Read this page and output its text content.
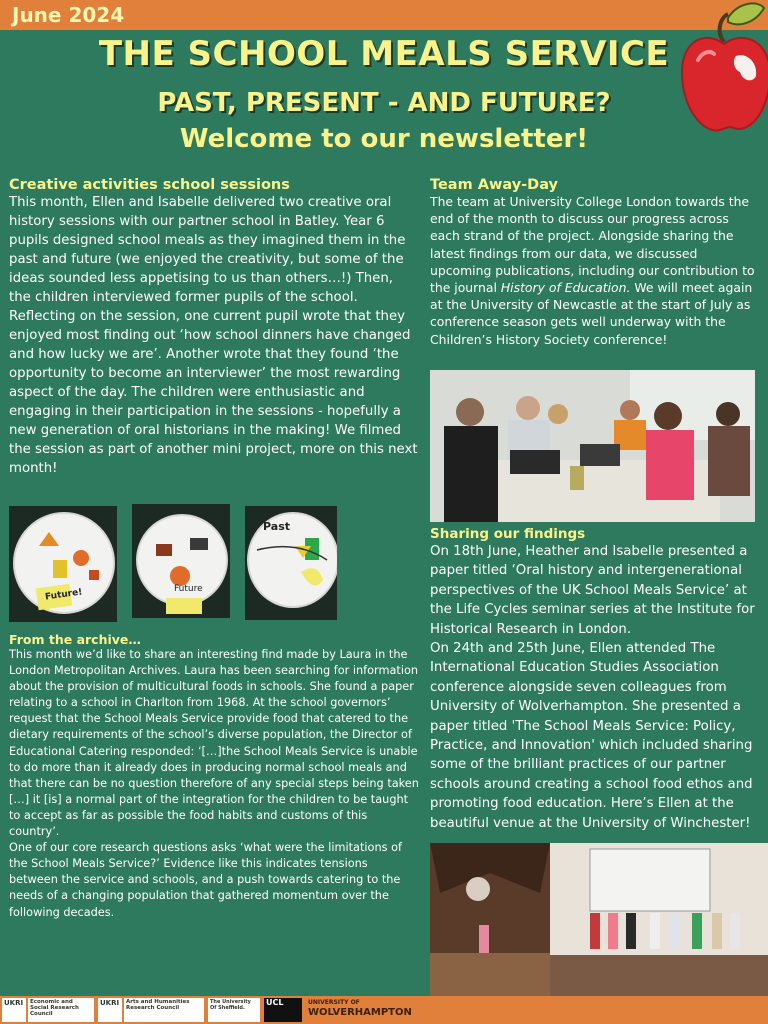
June 2024
THE SCHOOL MEALS SERVICE
PAST, PRESENT - AND FUTURE?
Welcome to our newsletter!

Creative activities school sessions

This month, Ellen and Isabelle delivered two creative oral history sessions with our partner school in Batley. Year 6 pupils designed school meals as they imagined them in the past and future (we enjoyed the creativity, but some of the ideas sounded less appetising to us than others…!) Then, the children interviewed former pupils of the school. Reflecting on the session, one current pupil wrote that they enjoyed most finding out ‘how school dinners have changed and how lucky we are’. Another wrote that they found ‘the opportunity to become an interviewer’ the most rewarding aspect of the day. The children were enthusiastic and engaging in their participation in the sessions - hopefully a new generation of oral historians in the making! We filmed the session as part of another mini project, more on this next month!

Future!	Future
Past

From the archive…

This month we’d like to share an interesting find made by Laura in the London Metropolitan Archives. Laura has been searching for information about the provision of multicultural foods in schools. She found a paper relating to a school in Charlton from 1968. At the school governors’ request that the School Meals Service provide food that catered to the dietary requirements of the school’s diverse population, the Director of Educational Catering responded: ‘[…]the School Meals Service is unable to do more than it already does in producing normal school meals and that there can be no question therefore of any special steps being taken […] it [is] a normal part of the integration for the children to be taught to accept as far as possible the food habits and customs of this country’.

One of our core research questions asks ‘what were the limitations of the School Meals Service?’ Evidence like this indicates tensions between the service and schools, and a push towards catering to the needs of a changing population that gathered momentum over the following decades.

Team Away-Day

The team at University College London towards the end of the month to discuss our progress across each strand of the project. Alongside sharing the latest findings from our data, we discussed upcoming publications, including our contribution to the journal History of Education. We will meet again at the University of Newcastle at the start of July as conference season gets well underway with the Children’s History Society conference!

Sharing our findings

On 18th June, Heather and Isabelle presented a paper titled ‘Oral history and intergenerational perspectives of the UK School Meals Service’ at the Life Cycles seminar series at the Institute for Historical Research in London.

On 24th and 25th June, Ellen attended The International Education Studies Association conference alongside seven colleagues from University of Wolverhampton. She presented a paper titled 'The School Meals Service: Policy, Practice, and Innovation' which included sharing some of the brilliant practices of our partner schools around creating a school food ethos and promoting food education. Here’s Ellen at the beautiful venue at the University of Winchester!

UKRI	Economic and Social Research Council
UKRI	Arts and Humanities Research Council
The University Of Sheffield.
UCL	UNIVERSITY OF
WOLVERHAMPTON
